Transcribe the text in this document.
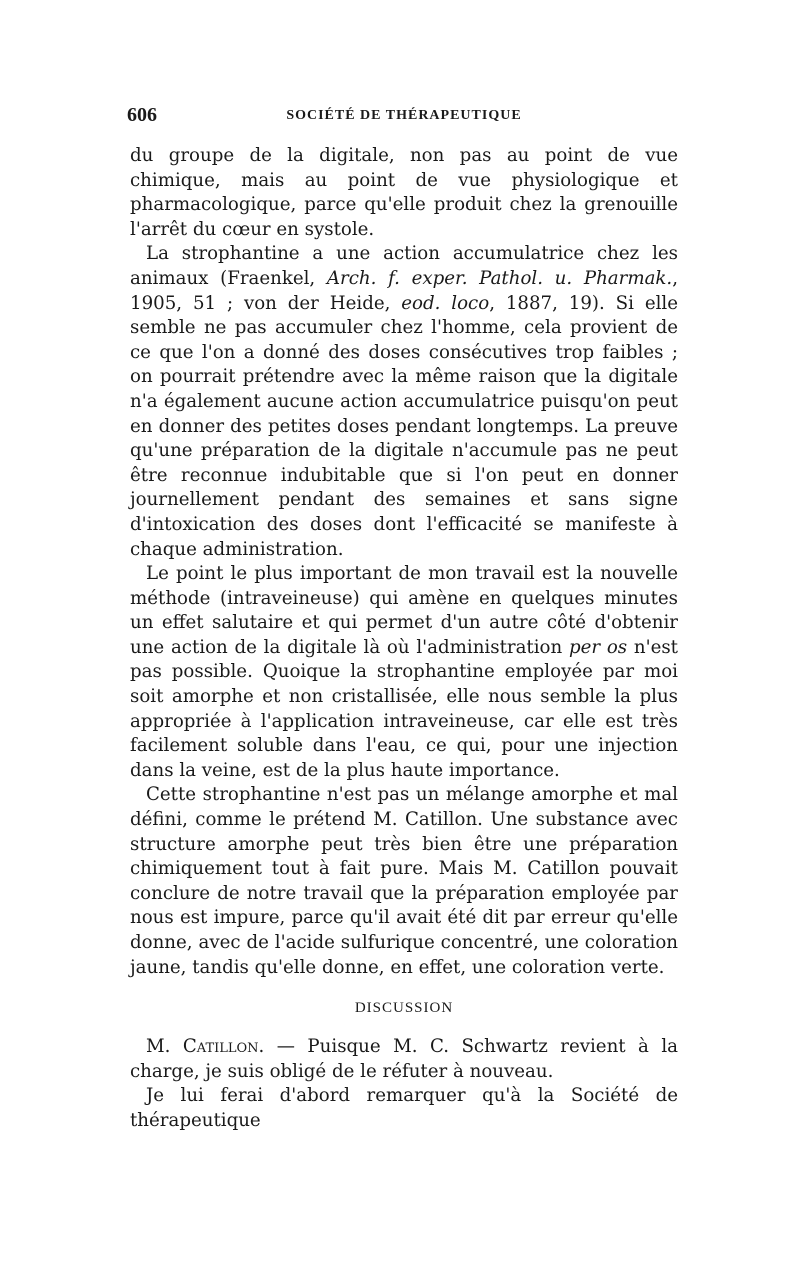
606	SOCIÉTÉ DE THÉRAPEUTIQUE

du groupe de la digitale, non pas au point de vue chimique, mais au point de vue physiologique et pharmacologique, parce qu'elle produit chez la grenouille l'arrêt du cœur en systole.

La strophantine a une action accumulatrice chez les animaux (Fraenkel, Arch. f. exper. Pathol. u. Pharmak., 1905, 51 ; von der Heide, eod. loco, 1887, 19). Si elle semble ne pas accumuler chez l'homme, cela provient de ce que l'on a donné des doses consécutives trop faibles ; on pourrait prétendre avec la même raison que la digitale n'a également aucune action accumulatrice puisqu'on peut en donner des petites doses pendant longtemps. La preuve qu'une préparation de la digitale n'accumule pas ne peut être reconnue indubitable que si l'on peut en donner journellement pendant des semaines et sans signe d'intoxication des doses dont l'efficacité se manifeste à chaque administration.

Le point le plus important de mon travail est la nouvelle méthode (intraveineuse) qui amène en quelques minutes un effet salutaire et qui permet d'un autre côté d'obtenir une action de la digitale là où l'administration per os n'est pas possible. Quoique la strophantine employée par moi soit amorphe et non cristallisée, elle nous semble la plus appropriée à l'application intraveineuse, car elle est très facilement soluble dans l'eau, ce qui, pour une injection dans la veine, est de la plus haute importance.

Cette strophantine n'est pas un mélange amorphe et mal défini, comme le prétend M. Catillon. Une substance avec structure amorphe peut très bien être une préparation chimiquement tout à fait pure. Mais M. Catillon pouvait conclure de notre travail que la préparation employée par nous est impure, parce qu'il avait été dit par erreur qu'elle donne, avec de l'acide sulfurique concentré, une coloration jaune, tandis qu'elle donne, en effet, une coloration verte.

DISCUSSION

M. Catillon. — Puisque M. C. Schwartz revient à la charge, je suis obligé de le réfuter à nouveau.

Je lui ferai d'abord remarquer qu'à la Société de thérapeutique
